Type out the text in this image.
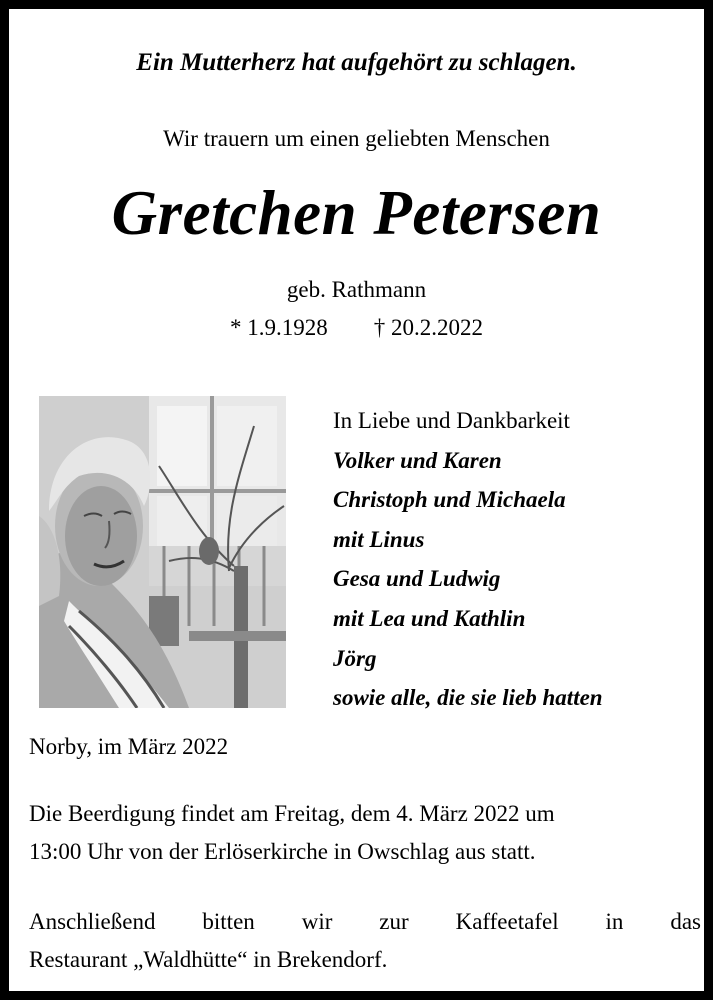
Ein Mutterherz hat aufgehört zu schlagen.
Wir trauern um einen geliebten Menschen
Gretchen Petersen
geb. Rathmann
* 1.9.1928 † 20.2.2022
In Liebe und Dankbarkeit
Volker und Karen
Christoph und Michaela
mit Linus
Gesa und Ludwig
mit Lea und Kathlin
Jörg
sowie alle, die sie lieb hatten
Norby, im März 2022
Die Beerdigung findet am Freitag, dem 4. März 2022 um
13:00 Uhr von der Erlöserkirche in Owschlag aus statt.
Anschließend bitten wir zur Kaffeetafel in das
Restaurant „Waldhütte“ in Brekendorf.
